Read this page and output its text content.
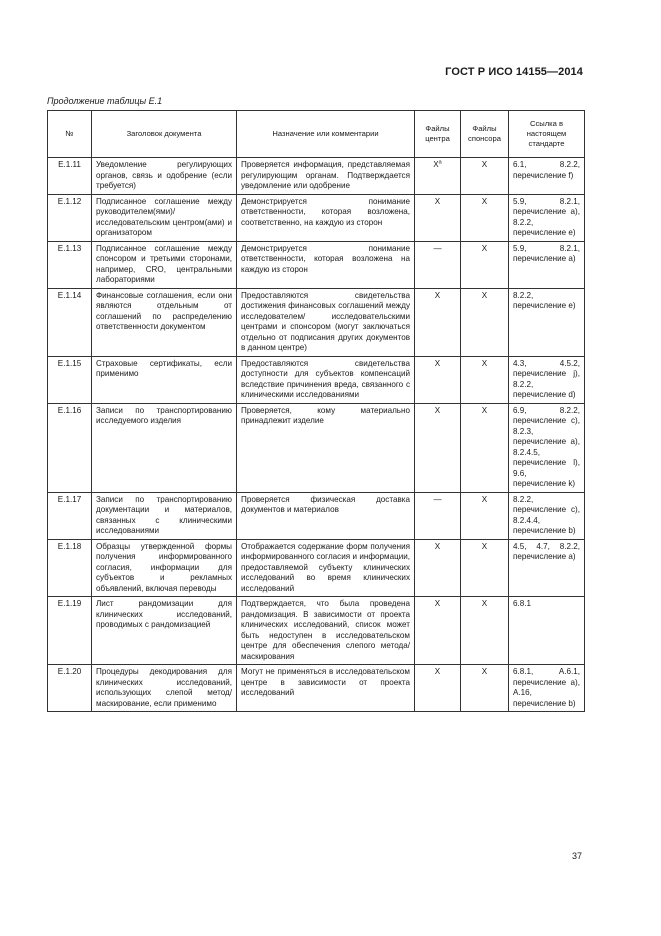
ГОСТ Р ИСО 14155—2014
Продолжение таблицы Е.1
№	Заголовок документа	Назначение или комментарии	Файлы центра	Файлы спонсора	Ссылка в настоящем стандарте
Е.1.11	Уведомление регулирующих органов, связь и одобрение (если требуется)	Проверяется информация, представляемая регулирующим органам. Подтверждается уведомление или одобрение	$X^a$	X	6.1, 8.2.2, перечисление f)
Е.1.12	Подписанное соглашение между руководителем(ями)/ исследовательским центром(ами) и организатором	Демонстрируется понимание ответственности, которая возложена, соответственно, на каждую из сторон	X	X	5.9, 8.2.1, перечисление а), 8.2.2, перечисление е)
Е.1.13	Подписанное соглашение между спонсором и третьими сторонами, например, CRO, центральными лабораториями	Демонстрируется понимание ответственности, которая возложена на каждую из сторон	—	X	5.9, 8.2.1, перечисление а)
Е.1.14	Финансовые соглашения, если они являются отдельным от соглашений по распределению ответственности документом	Предоставляются свидетельства достижения финансовых соглашений между исследователем/ исследовательскими центрами и спонсором (могут заключаться отдельно от подписания других документов в данном центре)	X	X	8.2.2, перечисление е)
Е.1.15	Страховые сертификаты, если применимо	Предоставляются свидетельства доступности для субъектов компенсаций вследствие причинения вреда, связанного с клиническими исследованиями	X	X	4.3, 4.5.2, перечисление j), 8.2.2, перечисление d)
Е.1.16	Записи по транспортированию исследуемого изделия	Проверяется, кому материально принадлежит изделие	X	X	6.9, 8.2.2, перечисление с), 8.2.3, перечисление а), 8.2.4.5, перечисление l), 9.6, перечисление k)
Е.1.17	Записи по транспортированию документации и материалов, связанных с клиническими исследованиями	Проверяется физическая доставка документов и материалов	—	X	8.2.2, перечисление с), 8.2.4.4, перечисление b)
Е.1.18	Образцы утвержденной формы получения информированного согласия, информации для субъектов и рекламных объявлений, включая переводы	Отображается содержание форм получения информированного согласия и информации, предоставляемой субъекту клинических исследований во время клинических исследований	X	X	4.5, 4.7, 8.2.2, перечисление а)
Е.1.19	Лист рандомизации для клинических исследований, проводимых с рандомизацией	Подтверждается, что была проведена рандомизация. В зависимости от проекта клинических исследований, список может быть недоступен в исследовательском центре для обеспечения слепого метода/маскирования	X	X	6.8.1
Е.1.20	Процедуры декодирования для клинических исследований, использующих слепой метод/ маскирование, если применимо	Могут не применяться в исследовательском центре в зависимости от проекта исследований	X	X	6.8.1, А.6.1, перечисление а), А.16, перечисление b)
37
